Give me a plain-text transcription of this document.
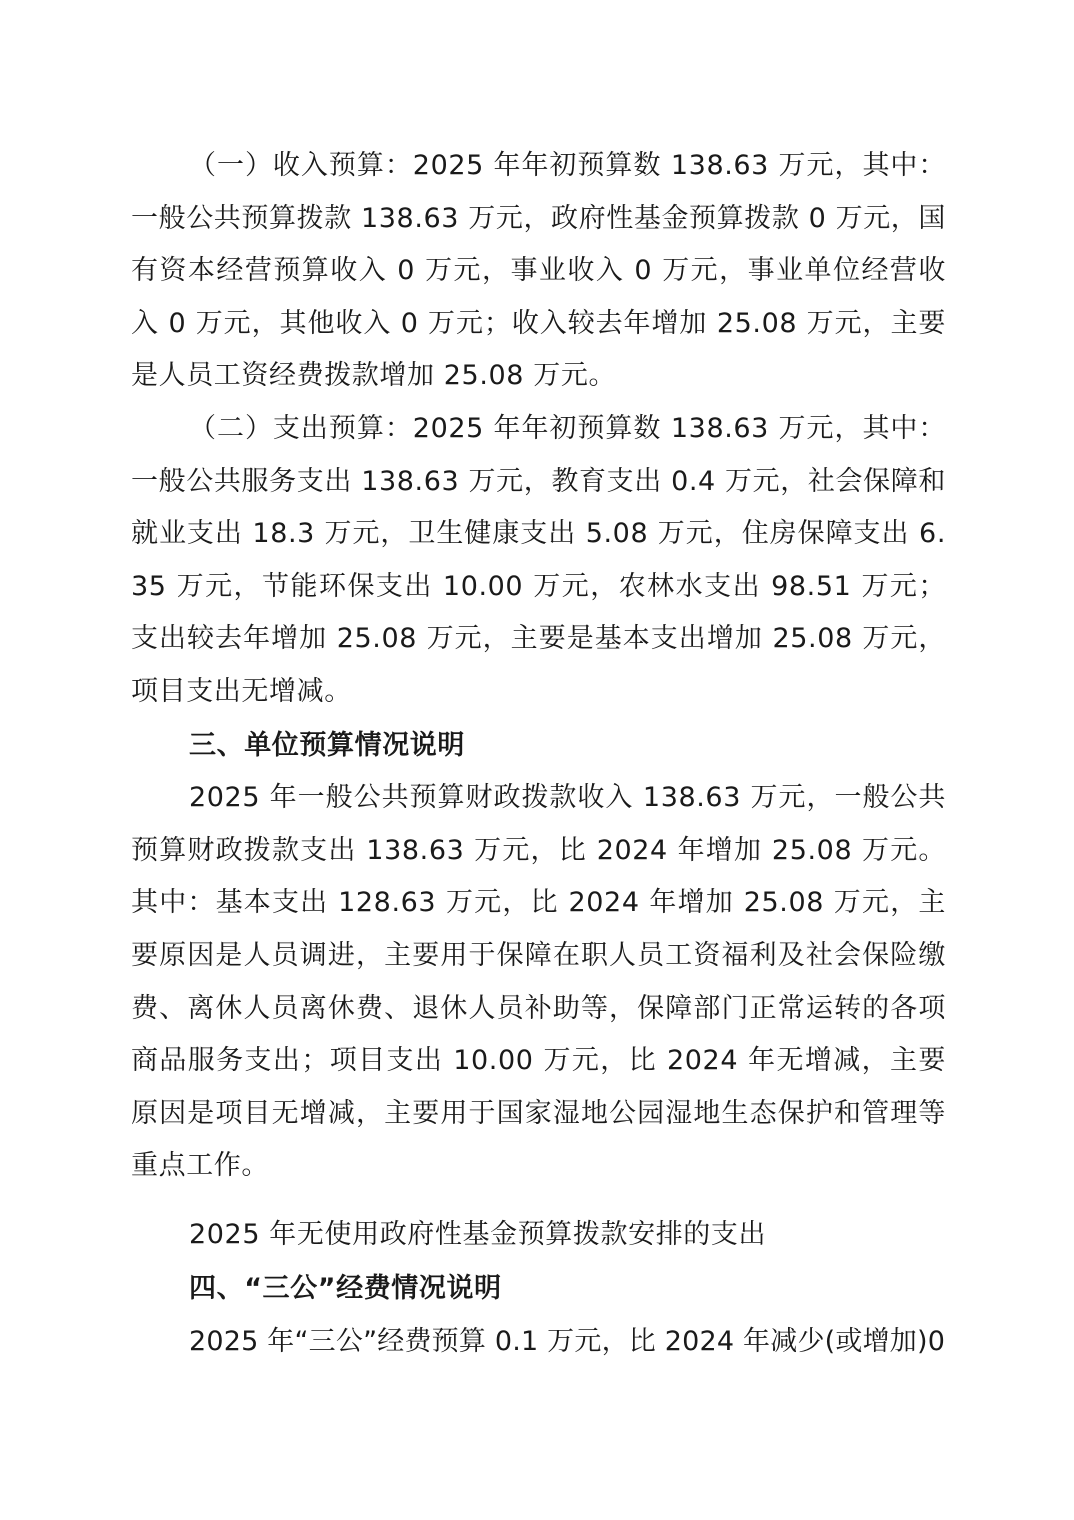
（一）收入预算：2025 年年初预算数 138.63 万元，其中：一般公共预算拨款 138.63 万元，政府性基金预算拨款 0 万元，国有资本经营预算收入 0 万元，事业收入 0 万元，事业单位经营收入 0 万元，其他收入 0 万元；收入较去年增加 25.08 万元，主要是人员工资经费拨款增加 25.08 万元。

（二）支出预算：2025 年年初预算数 138.63 万元，其中：一般公共服务支出 138.63 万元，教育支出 0.4 万元，社会保障和就业支出 18.3 万元，卫生健康支出 5.08 万元，住房保障支出 6.35 万元，节能环保支出 10.00 万元，农林水支出 98.51 万元；支出较去年增加 25.08 万元，主要是基本支出增加 25.08 万元，项目支出无增减。

三、单位预算情况说明

2025 年一般公共预算财政拨款收入 138.63 万元，一般公共预算财政拨款支出 138.63 万元，比 2024 年增加 25.08 万元。其中：基本支出 128.63 万元，比 2024 年增加 25.08 万元，主要原因是人员调进，主要用于保障在职人员工资福利及社会保险缴费、离休人员离休费、退休人员补助等，保障部门正常运转的各项商品服务支出；项目支出 10.00 万元，比 2024 年无增减，主要原因是项目无增减，主要用于国家湿地公园湿地生态保护和管理等重点工作。

2025 年无使用政府性基金预算拨款安排的支出

四、“三公”经费情况说明

2025 年“三公”经费预算 0.1 万元，比 2024 年减少(或增加)0
